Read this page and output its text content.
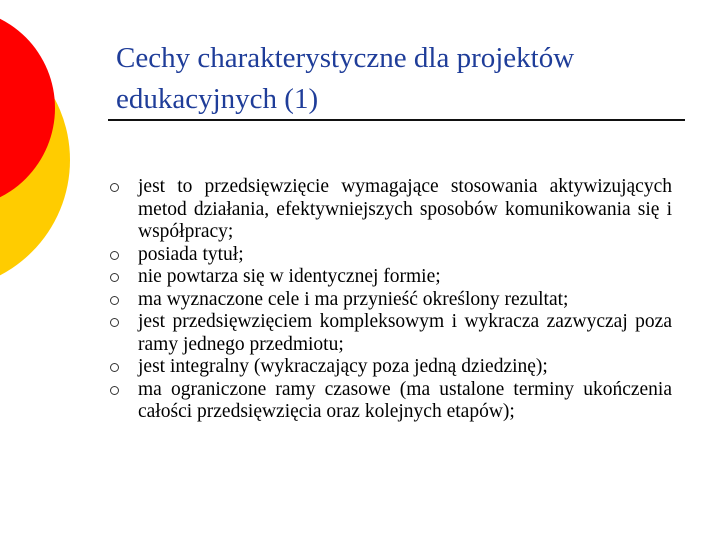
Cechy charakterystyczne dla projektów edukacyjnych (1)
jest to przedsięwzięcie wymagające stosowania aktywizujących metod działania, efektywniejszych sposobów komunikowania się i współpracy;
posiada tytuł;
nie powtarza się w identycznej formie;
ma wyznaczone cele i ma przynieść określony rezultat;
jest przedsięwzięciem kompleksowym i wykracza zazwyczaj poza ramy jednego przedmiotu;
jest integralny (wykraczający poza jedną dziedzinę);
ma ograniczone ramy czasowe (ma ustalone terminy ukończenia całości przedsięwzięcia oraz kolejnych etapów);
